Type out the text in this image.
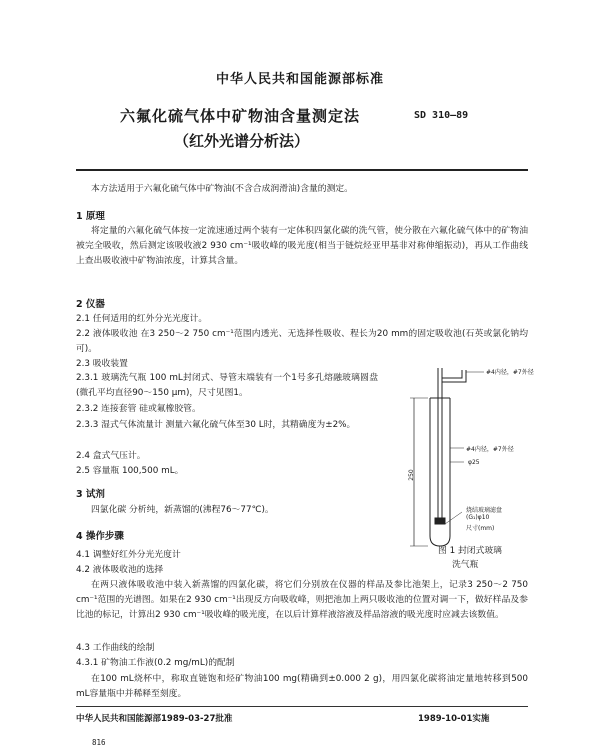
中华人民共和国能源部标准
六氟化硫气体中矿物油含量测定法
（红外光谱分析法）
SD 310—89
本方法适用于六氟化硫气体中矿物油(不含合成润滑油)含量的测定。
1 原理
将定量的六氟化硫气体按一定流速通过两个装有一定体积四氯化碳的洗气管，使分散在六氟化硫气体中的矿物油被完全吸收，然后测定该吸收液2 930 cm⁻¹吸收峰的吸光度(相当于链烷烃亚甲基非对称伸缩振动)，再从工作曲线上查出吸收液中矿物油浓度，计算其含量。
2 仪器
2.1 任何适用的红外分光光度计。
2.2 液体吸收池 在3 250～2 750 cm⁻¹范围内透光、无选择性吸收、程长为20 mm的固定吸收池(石英或氯化钠均可)。
2.3 吸收装置
2.3.1 玻璃洗气瓶 100 mL封闭式、导管末端装有一个1号多孔熔融玻璃圆盘(微孔平均直径90～150 μm)，尺寸见图1。
2.3.2 连接套管 硅或氟橡胶管。
2.3.3 湿式气体流量计 测量六氟化硫气体至30 L时，其精确度为±2%。
2.4 盒式气压计。
2.5 容量瓶 100,500 mL。
3 试剂
四氯化碳 分析纯，新蒸馏的(沸程76～77℃)。
4 操作步骤
4.1 调整好红外分光光度计
4.2 液体吸收池的选择
在两只液体吸收池中装入新蒸馏的四氯化碳，将它们分别放在仪器的样品及参比池架上，记录3 250～2 750 cm⁻¹范围的光谱图。如果在2 930 cm⁻¹出现反方向吸收峰，则把池加上两只吸收池的位置对调一下，做好样品及参比池的标记，计算出2 930 cm⁻¹吸收峰的吸光度，在以后计算样液溶液及样品溶液的吸光度时应减去该数值。
4.3 工作曲线的绘制
4.3.1 矿物油工作液(0.2 mg/mL)的配制
在100 mL烧杯中，称取直链饱和烃矿物油100 mg(精确到±0.000 2 g)，用四氯化碳将油定量地转移到500 mL容量瓶中并稀释至刻度。
250
#4内径，#7外径
#4内径，#7外径
φ25
烧结玻璃滤盘
(G₁)φ10
尺寸(mm)
图 1 封闭式玻璃
洗气瓶
中华人民共和国能源部1989-03-27批准	1989-10-01实施
816
